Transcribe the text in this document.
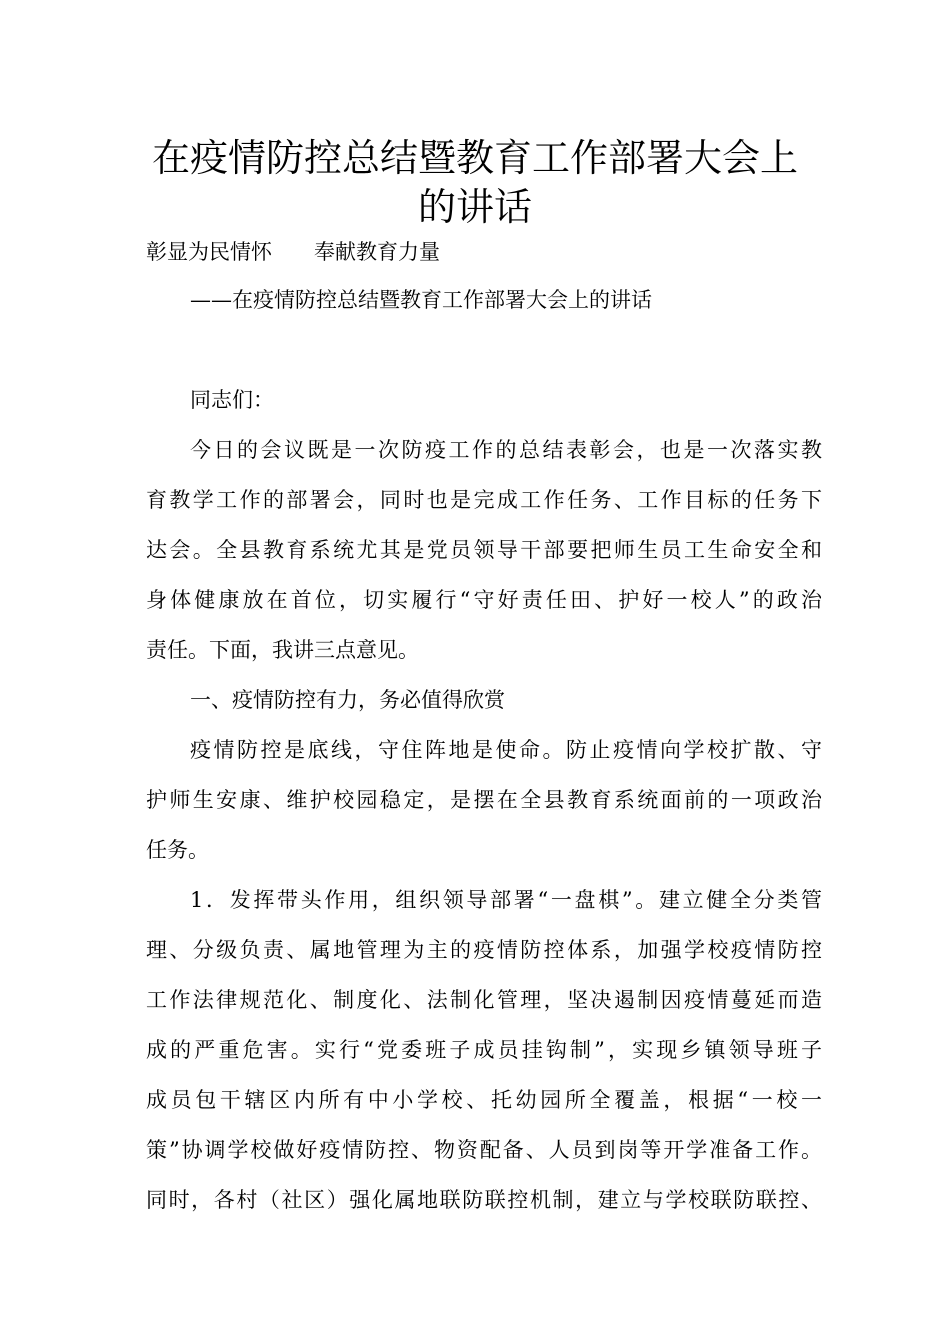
在疫情防控总结暨教育工作部署大会上
的讲话

彰显为民情怀　　奉献教育力量

——在疫情防控总结暨教育工作部署大会上的讲话

同志们：

今日的会议既是一次防疫工作的总结表彰会，也是一次落实教

育教学工作的部署会，同时也是完成工作任务、工作目标的任务下

达会。全县教育系统尤其是党员领导干部要把师生员工生命安全和

身体健康放在首位，切实履行“守好责任田、护好一校人”的政治

责任。下面，我讲三点意见。

一、疫情防控有力，务必值得欣赏

疫情防控是底线，守住阵地是使命。防止疫情向学校扩散、守

护师生安康、维护校园稳定，是摆在全县教育系统面前的一项政治

任务。

1．发挥带头作用，组织领导部署“一盘棋”。建立健全分类管

理、分级负责、属地管理为主的疫情防控体系，加强学校疫情防控

工作法律规范化、制度化、法制化管理，坚决遏制因疫情蔓延而造

成的严重危害。实行“党委班子成员挂钩制”，实现乡镇领导班子

成员包干辖区内所有中小学校、托幼园所全覆盖，根据“一校一

策”协调学校做好疫情防控、物资配备、人员到岗等开学准备工作。

同时，各村（社区）强化属地联防联控机制，建立与学校联防联控、
